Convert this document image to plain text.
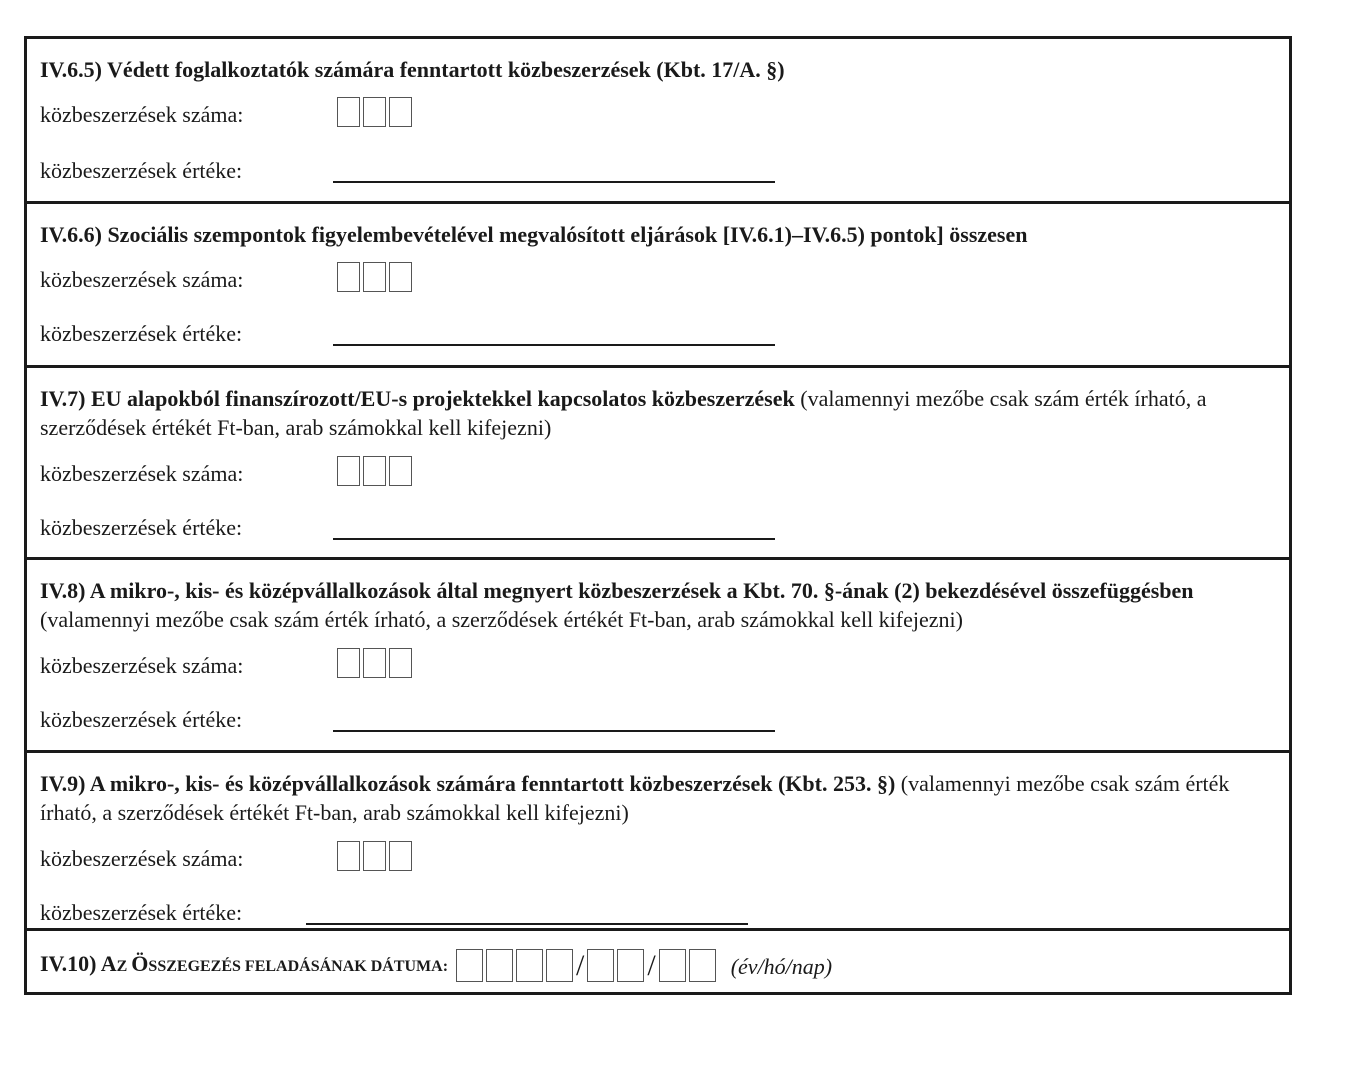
IV.6.5) Védett foglalkoztatók számára fenntartott közbeszerzések (Kbt. 17/A. §)
közbeszerzések száma:
közbeszerzések értéke:
IV.6.6) Szociális szempontok figyelembevételével megvalósított eljárások [IV.6.1)–IV.6.5) pontok] összesen
közbeszerzések száma:
közbeszerzések értéke:
IV.7) EU alapokból finanszírozott/EU-s projektekkel kapcsolatos közbeszerzések (valamennyi mezőbe csak szám érték írható, a szerződések értékét Ft-ban, arab számokkal kell kifejezni)
közbeszerzések száma:
közbeszerzések értéke:
IV.8) A mikro-, kis- és középvállalkozások által megnyert közbeszerzések a Kbt. 70. §-ának (2) bekezdésével összefüggésben (valamennyi mezőbe csak szám érték írható, a szerződések értékét Ft-ban, arab számokkal kell kifejezni)
közbeszerzések száma:
közbeszerzések értéke:
IV.9) A mikro-, kis- és középvállalkozások számára fenntartott közbeszerzések (Kbt. 253. §) (valamennyi mezőbe csak szám érték írható, a szerződések értékét Ft-ban, arab számokkal kell kifejezni)
közbeszerzések száma:
közbeszerzések értéke:
IV.10) AZ ÖSSZEGEZÉS FELADÁSÁNAK DÁTUMA:	/ /	(év/hó/nap)
